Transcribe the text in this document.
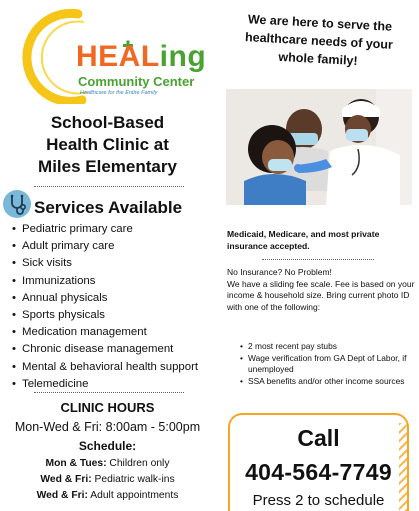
HEALing
Community Center
Healthcare for the Entire Family
School-Based
Health Clinic at
Miles Elementary
Services Available
• Pediatric primary care
• Adult primary care
• Sick visits
• Immunizations
• Annual physicals
• Sports physicals
• Medication management
• Chronic disease management
• Mental & behavioral health support
• Telemedicine
CLINIC HOURS
Mon-Wed & Fri: 8:00am - 5:00pm
Schedule:
Mon & Tues: Children only
Wed & Fri: Pediatric walk-ins
Wed & Fri: Adult appointments
We are here to serve the
healthcare needs of your
whole family!
Medicaid, Medicare, and most private insurance accepted.

No Insurance? No Problem!

We have a sliding fee scale. Fee is based on your income & household size. Bring current photo ID with one of the following:

• 2 most recent pay stubs
• Wage verification from GA Dept of Labor, if unemployed
• SSA benefits and/or other income sources
Call
404-564-7749
Press 2 to schedule
